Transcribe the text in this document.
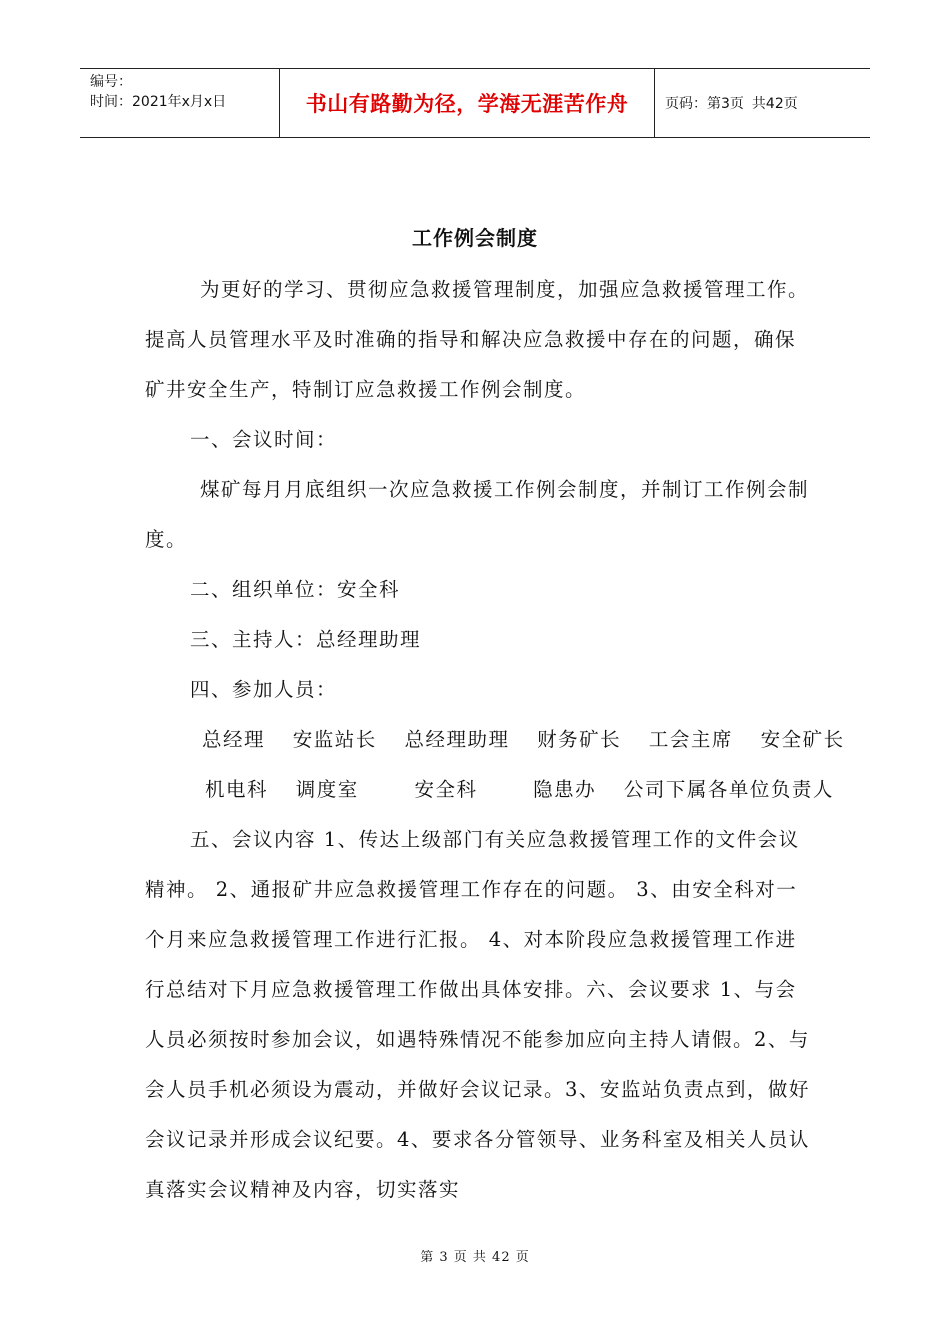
编号：
时间：2021年x月x日	书山有路勤为径，学海无涯苦作舟	页码：第3页 共42页
工作例会制度

为更好的学习、贯彻应急救援管理制度，加强应急救援管理工作。提高人员管理水平及时准确的指导和解决应急救援中存在的问题，确保矿井安全生产，特制订应急救援工作例会制度。

一、会议时间：

煤矿每月月底组织一次应急救援工作例会制度，并制订工作例会制度。

二、组织单位：安全科

三、主持人：总经理助理

四、参加人员：

总经理 安监站长 总经理助理 财务矿长 工会主席 安全矿长

机电科 调度室	安全科	隐患办 公司下属各单位负责人

五、会议内容 1、传达上级部门有关应急救援管理工作的文件会议精神。 2、通报矿井应急救援管理工作存在的问题。 3、由安全科对一个月来应急救援管理工作进行汇报。 4、对本阶段应急救援管理工作进行总结对下月应急救援管理工作做出具体安排。六、会议要求 1、与会人员必须按时参加会议，如遇特殊情况不能参加应向主持人请假。2、与会人员手机必须设为震动，并做好会议记录。3、安监站负责点到，做好会议记录并形成会议纪要。4、要求各分管领导、业务科室及相关人员认真落实会议精神及内容，切实落实

第 3 页 共 42 页
